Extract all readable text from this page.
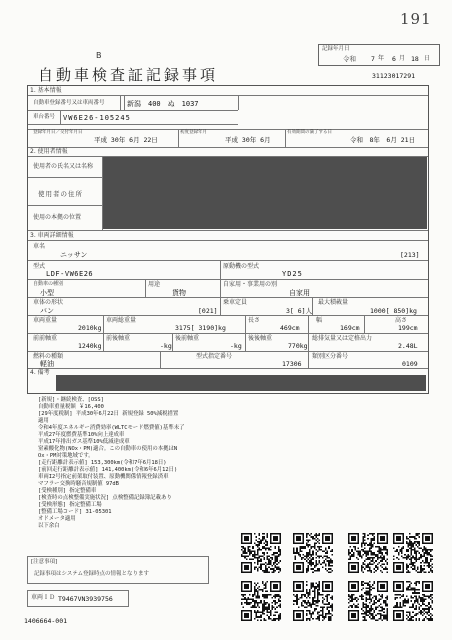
191
記録年月日
令和 7 年 6 月 18 日
B
自動車検査証記録事項	31123017291
1. 基本情報
自動車登録番号又は車両番号	新潟　400　ぬ　1037
車台番号 VW6E26-105245
登録年月日／交付年月日
平成 30年 6月 22日
初度登録年月
平成 30年 6月
有効期間の満了する日
令和　8年　6月 21日
2. 使用者情報
使用者の氏名又は名称
使用者の住所
使用の本拠の位置
3. 車両詳細情報
車名
ニッサン	[213]
型式
LDF-VW6E26
原動機の型式
YD25
自動車の種別
小型
用途
貨物
自家用・事業用の別
自家用
車体の形状
バン	[021]
乗車定員
3[ 6]人
最大積載量
1000[ 850]kg
車両重量
2010kg
車両総重量
3175[ 3190]kg
長さ
469cm
幅
169cm
高さ
199cm
前前軸重
1240kg
前後軸重
-kg
後前軸重
-kg
後後軸重
770kg
総排気量又は定格出力
2.48L
燃料の種類
軽油
型式指定番号
17306
類別区分番号
0109
4. 備考
[新規]・継続検査、[OSS]
自動車重量税額 ￥16,400
[29年度税制] 平成30年6月22日 新規登録 50%減税措置
適用
令和4年度エネルギー消費効率(WLTCモード燃費値)基準未了
平成27年度燃費基準10%向上達成車
平成17年排出ガス基準10%低減達成車
窒素酸化物(NOx・PM)適合。この自動車の使用の本拠はN
Ox・PM対策地域です。
[走行距離計表示値] 153,300km(令和7年6月18日)
[前回走行距離計表示値] 141,400km(令和6年6月12日)
車両I2号指定前架取付装置、原動機関係情報登録済車
マフラー交換時騒音規制値 97dB
[受検種別] 指定整備車
[検査時の点検整備実施状況] 点検整備記録簿記載あり
[受検形態] 指定整備工場
[整備工場コード] 31-05301
オドメータ適用
以下余白
[注意事項]
記録事項はシステム登録時点の情報となります
車両ＩＤ T9467VN3939756
1406664-001
